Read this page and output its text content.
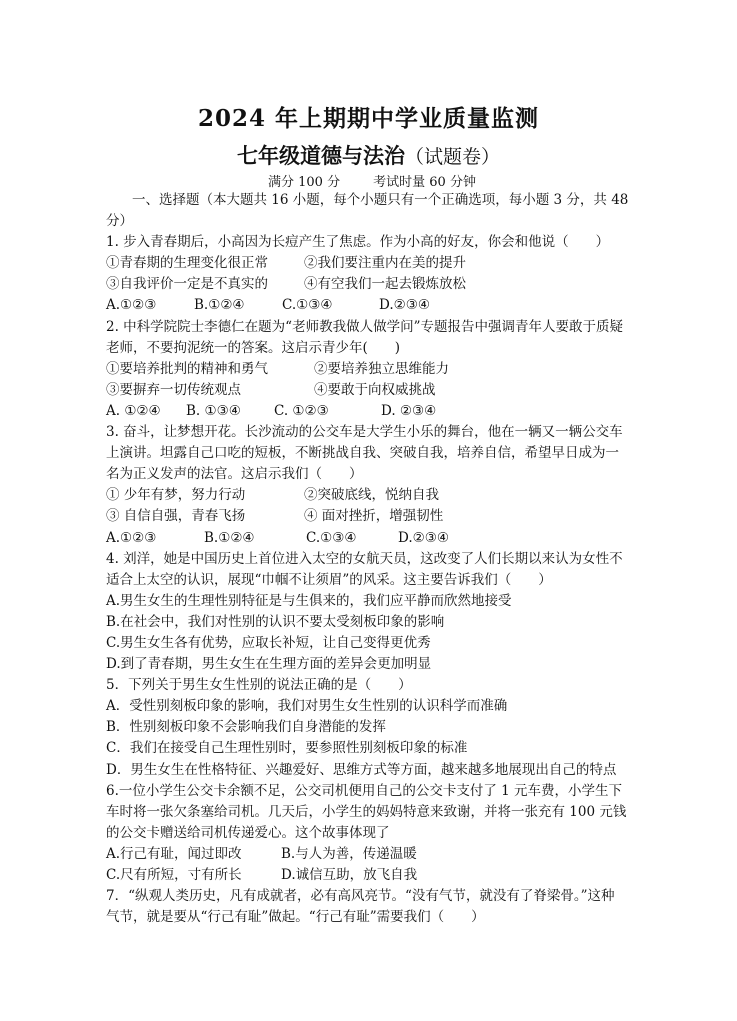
2024 年上期期中学业质量监测
七年级道德与法治（试题卷）
满分 100 分	考试时量 60 分钟
一、选择题（本大题共 16 小题，每个小题只有一个正确选项，每小题 3 分，共 48
分）
1. 步入青春期后，小高因为长痘产生了焦虑。作为小高的好友，你会和他说（　　）
①青春期的生理变化很正常	②我们要注重内在美的提升
③自我评价一定是不真实的	④有空我们一起去锻炼放松
A.①②③	B.①②④	C.①③④	D.②③④
2. 中科学院院士李德仁在题为“老师教我做人做学问”专题报告中强调青年人要敢于质疑
老师，不要拘泥统一的答案。这启示青少年(　　)
①要培养批判的精神和勇气	②要培养独立思维能力
③要摒弃一切传统观点	④要敢于向权威挑战
A. ①②④	B. ①③④	C. ①②③	D. ②③④
3. 奋斗，让梦想开花。长沙流动的公交车是大学生小乐的舞台，他在一辆又一辆公交车
上演讲。坦露自己口吃的短板，不断挑战自我、突破自我，培养自信，希望早日成为一
名为正义发声的法官。这启示我们（　　）
① 少年有梦，努力行动	②突破底线，悦纳自我
③ 自信自强，青春飞扬	④ 面对挫折，增强韧性
A.①②③	B.①②④	C.①③④	D.②③④
4. 刘洋，她是中国历史上首位进入太空的女航天员，这改变了人们长期以来认为女性不
适合上太空的认识，展现“巾帼不让须眉”的风采。这主要告诉我们（　　）
A.男生女生的生理性别特征是与生俱来的，我们应平静而欣然地接受
B.在社会中，我们对性别的认识不要太受刻板印象的影响
C.男生女生各有优势，应取长补短，让自己变得更优秀
D.到了青春期，男生女生在生理方面的差异会更加明显
5．下列关于男生女生性别的说法正确的是（　　）
A．受性别刻板印象的影响，我们对男生女生性别的认识科学而准确
B．性别刻板印象不会影响我们自身潜能的发挥
C．我们在接受自己生理性别时，要参照性别刻板印象的标准
D．男生女生在性格特征、兴趣爱好、思维方式等方面，越来越多地展现出自己的特点
6.一位小学生公交卡余额不足，公交司机便用自己的公交卡支付了 1 元车费，小学生下
车时将一张欠条塞给司机。几天后，小学生的妈妈特意来致谢，并将一张充有 100 元钱
的公交卡赠送给司机传递爱心。这个故事体现了
A.行己有耻，闻过即改	B.与人为善，传递温暖
C.尺有所短，寸有所长	D.诚信互助，放飞自我
7．“纵观人类历史，凡有成就者，必有高风亮节。“没有气节，就没有了脊梁骨。”这种
气节，就是要从“行己有耻”做起。“行己有耻”需要我们（　　）
